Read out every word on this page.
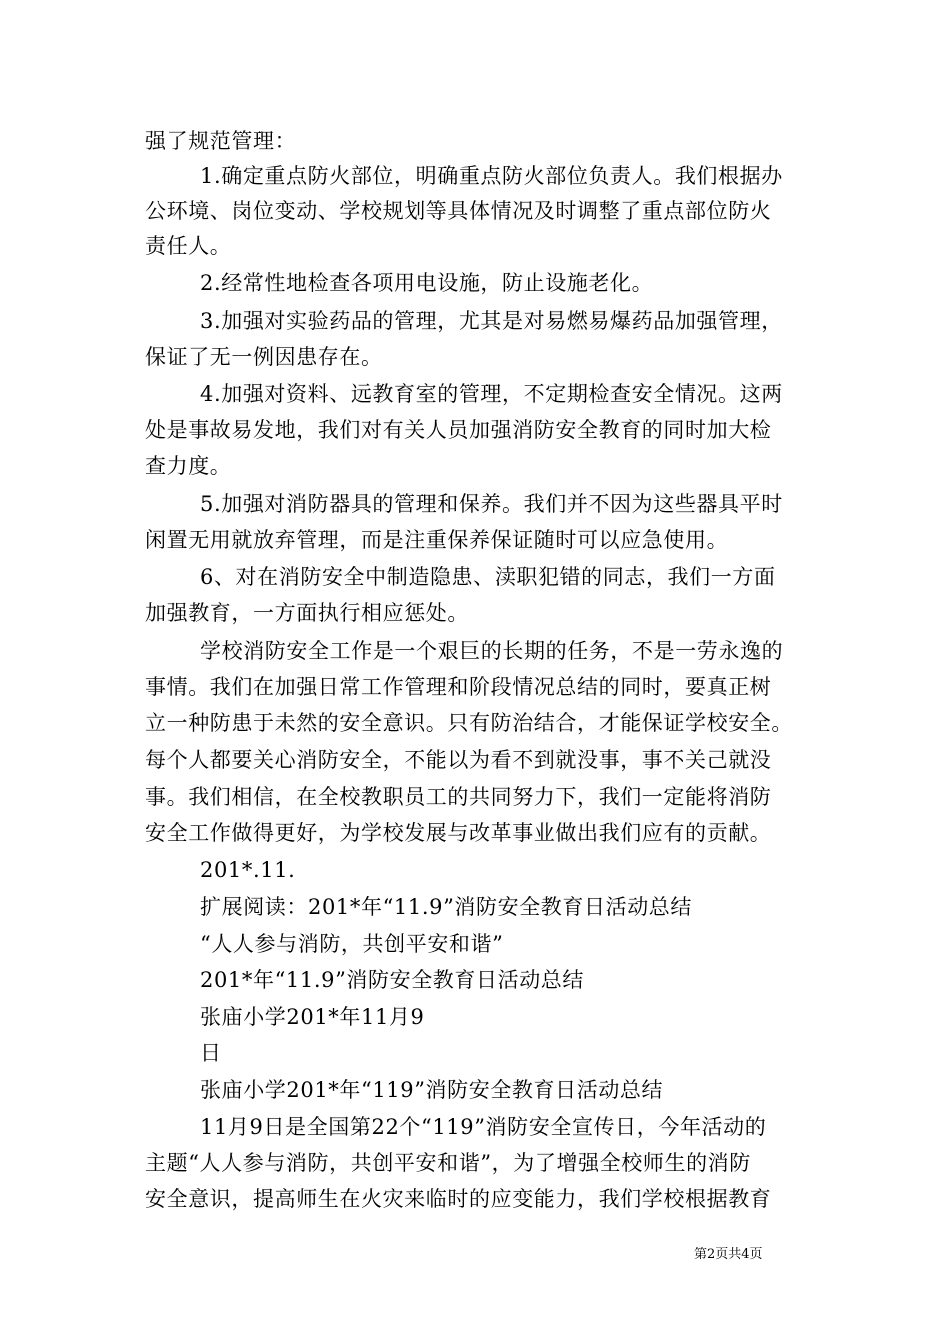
强了规范管理：
1.确定重点防火部位，明确重点防火部位负责人。我们根据办
公环境、岗位变动、学校规划等具体情况及时调整了重点部位防火
责任人。
2.经常性地检查各项用电设施，防止设施老化。
3.加强对实验药品的管理，尤其是对易燃易爆药品加强管理，
保证了无一例因患存在。
4.加强对资料、远教育室的管理，不定期检查安全情况。这两
处是事故易发地，我们对有关人员加强消防安全教育的同时加大检
查力度。
5.加强对消防器具的管理和保养。我们并不因为这些器具平时
闲置无用就放弃管理，而是注重保养保证随时可以应急使用。
6、对在消防安全中制造隐患、渎职犯错的同志，我们一方面
加强教育，一方面执行相应惩处。
学校消防安全工作是一个艰巨的长期的任务，不是一劳永逸的
事情。我们在加强日常工作管理和阶段情况总结的同时，要真正树
立一种防患于未然的安全意识。只有防治结合，才能保证学校安全。
每个人都要关心消防安全，不能以为看不到就没事，事不关己就没
事。我们相信，在全校教职员工的共同努力下，我们一定能将消防
安全工作做得更好，为学校发展与改革事业做出我们应有的贡献。
201*.11.
扩展阅读：201*年“11.9”消防安全教育日活动总结
“人人参与消防，共创平安和谐”
201*年“11.9”消防安全教育日活动总结
张庙小学201*年11月9
日
张庙小学201*年“119”消防安全教育日活动总结
11月9日是全国第22个“119”消防安全宣传日，今年活动的
主题“人人参与消防，共创平安和谐”，为了增强全校师生的消防
安全意识，提高师生在火灾来临时的应变能力，我们学校根据教育
第2页共4页
